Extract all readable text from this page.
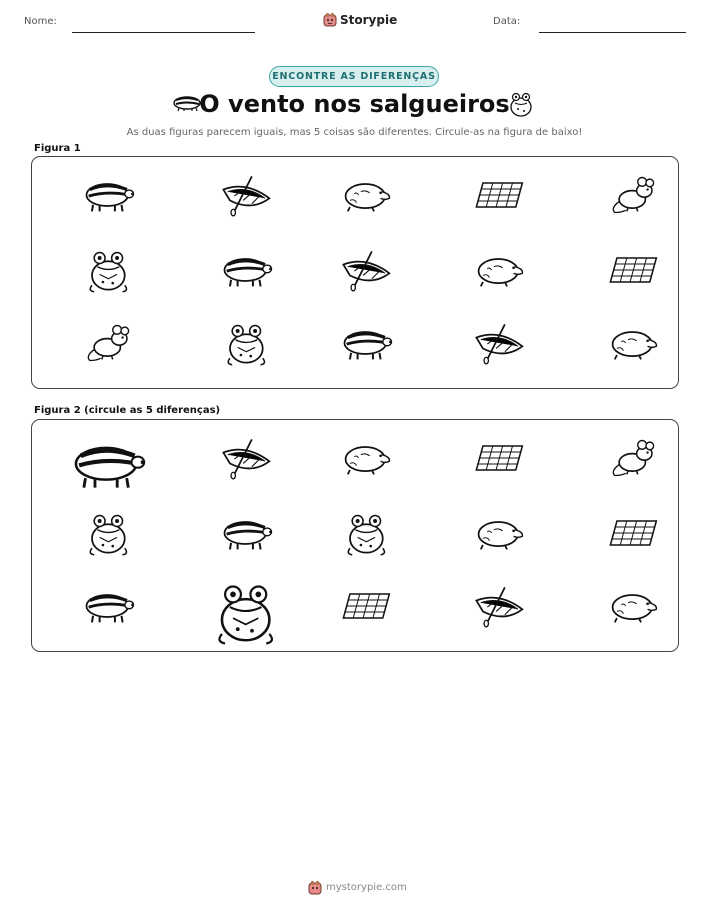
Nome:	Storypie	Data:
ENCONTRE AS DIFERENÇAS
O vento nos salgueiros
As duas figuras parecem iguais, mas 5 coisas são diferentes. Circule-as na figura de baixo!
Figura 1
Figura 2 (circule as 5 diferenças)
mystorypie.com
